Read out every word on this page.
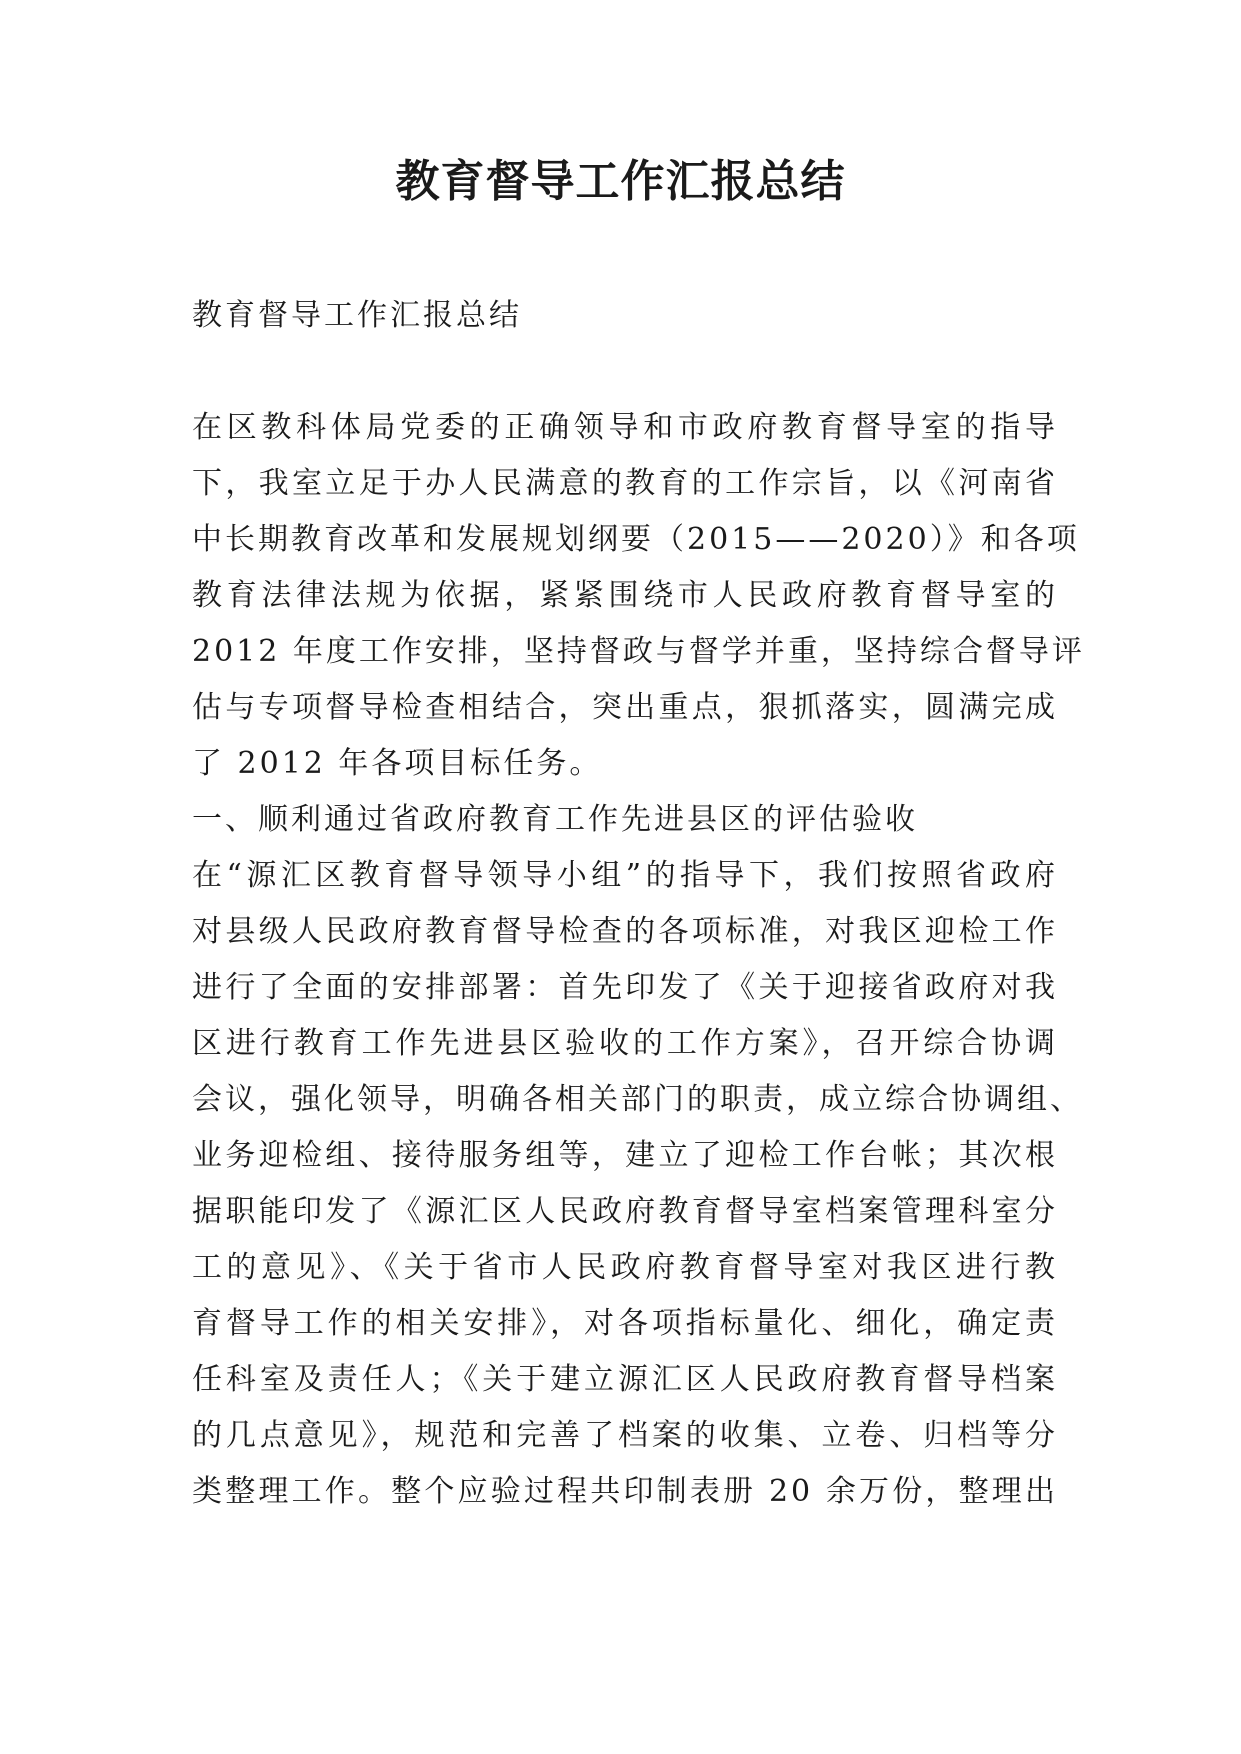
教育督导工作汇报总结
教育督导工作汇报总结
在区教科体局党委的正确领导和市政府教育督导室的指导
下，我室立足于办人民满意的教育的工作宗旨，以《河南省
中长期教育改革和发展规划纲要（2015——2020）》和各项
教育法律法规为依据，紧紧围绕市人民政府教育督导室的
2012 年度工作安排，坚持督政与督学并重，坚持综合督导评
估与专项督导检查相结合，突出重点，狠抓落实，圆满完成
了 2012 年各项目标任务。
一、顺利通过省政府教育工作先进县区的评估验收
在“源汇区教育督导领导小组”的指导下，我们按照省政府
对县级人民政府教育督导检查的各项标准，对我区迎检工作
进行了全面的安排部署：首先印发了《关于迎接省政府对我
区进行教育工作先进县区验收的工作方案》，召开综合协调
会议，强化领导，明确各相关部门的职责，成立综合协调组、
业务迎检组、接待服务组等，建立了迎检工作台帐；其次根
据职能印发了《源汇区人民政府教育督导室档案管理科室分
工的意见》、《关于省市人民政府教育督导室对我区进行教
育督导工作的相关安排》，对各项指标量化、细化，确定责
任科室及责任人；《关于建立源汇区人民政府教育督导档案
的几点意见》，规范和完善了档案的收集、立卷、归档等分
类整理工作。整个应验过程共印制表册 20 余万份，整理出
